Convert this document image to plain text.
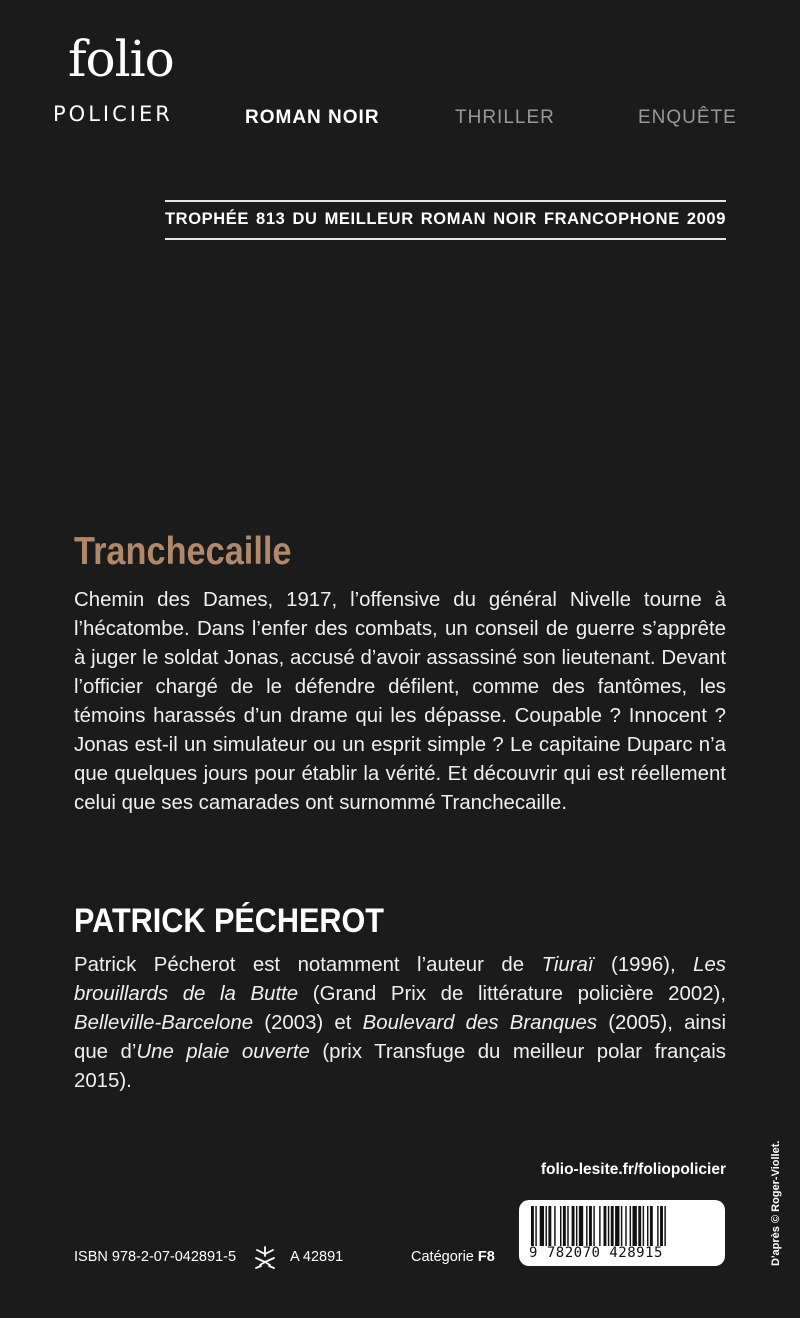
folio
POLICIER	ROMAN NOIR	THRILLER	ENQUÊTE
TROPHÉE 813 DU MEILLEUR ROMAN NOIR FRANCOPHONE 2009
Tranchecaille
Chemin des Dames, 1917, l’offensive du général Nivelle tourne à l’hécatombe. Dans l’enfer des combats, un conseil de guerre s’apprête à juger le soldat Jonas, accusé d’avoir assassiné son lieutenant. Devant l’officier chargé de le défendre défilent, comme des fantômes, les témoins harassés d’un drame qui les dépasse. Coupable ? Innocent ? Jonas est-il un simulateur ou un esprit simple ? Le capitaine Duparc n’a que quelques jours pour établir la vérité. Et découvrir qui est réellement celui que ses camarades ont surnommé Tranchecaille.
PATRICK PÉCHEROT
Patrick Pécherot est notamment l’auteur de Tiuraï (1996), Les brouillards de la Butte (Grand Prix de littérature policière 2002), Belleville-Barcelone (2003) et Boulevard des Branques (2005), ainsi que d’Une plaie ouverte (prix Transfuge du meilleur polar français 2015).
folio-lesite.fr/foliopolicier
ISBN 978-2-07-042891-5	A 42891	Catégorie F8 9 782070 428915	D'après © Roger-Viollet.
